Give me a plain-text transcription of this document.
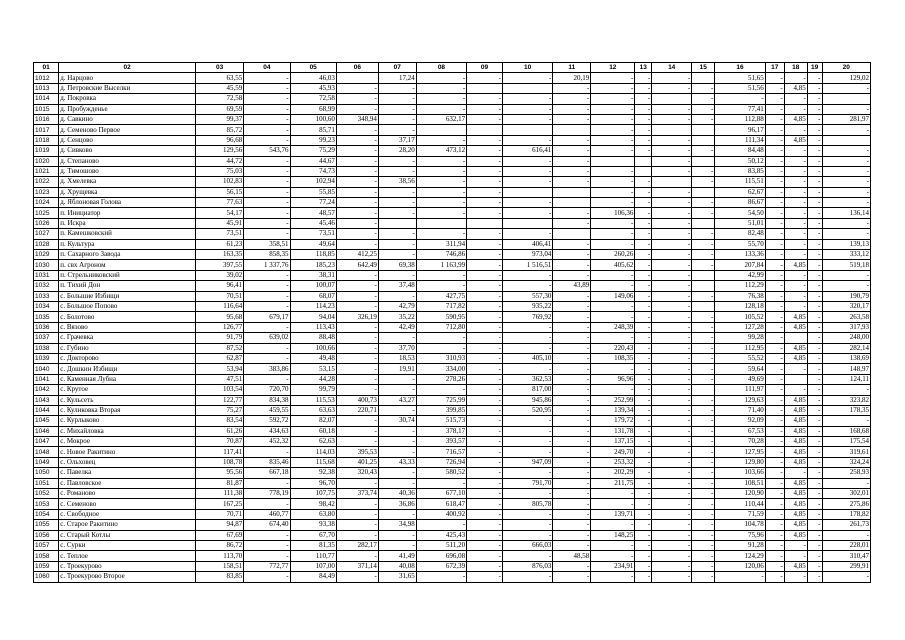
01	02	03	04	05	06	07	08	09	10	11	12	13	14	15	16	17	18	19	20
1012	д. Нарцово	63,55	-	46,03		17,24	-	-	-	20,19	-	-	-		51,65	-	-	-	129,02
1013	д. Петровские Выселки	45,59	-	45,93	-	-	-			-	-	-	-	-	51,56	-	4,85	-	-
1014	д. Покровка	72,58	-	72,58	-	-	-	-	-	-	-	-		-	-	-	-	-	
1015	д. Пробужденье	69,59	-	68,99	-	-	-	-	-	-	-	-	-	-	77,41	-	-	-	-
1016	д. Савкино	99,37	-	100,60	348,94	-	632,17	-	-	-	-	-	-	-	112,88	-	4,85	-	281,97
1017	д. Семеново Первое	85,72	-	85,71	-	-					-	-			96,17	-	-	-	-
1018	д. Сенцово	96,68	-	99,23	-	37,17	-	-	-	-	-	-	-		111,34	-	4,85	-	
1019	д. Сивково	129,56	543,76	75,29	-	28,20	473,12	-	616,41	-	-	-	-	-	84,48	-	-	-	-
1020	д. Степаново	44,72	-	44,67	-	-	-	-	-	-			-		50,12	-	-	-	-
1021	д. Тимошово	75,03	-	74,73	-	-	-	-	-	-	-		-	-	83,85	-	-	-	-
1022	д. Хмелевка	102,83	-	102,94	-	38,56	-	-	-	-	-	-		-	115,51	-	-	-	-
1023	д. Хрущевка	56,15	-	55,85	-	-	-	-			-	-	-		62,67	-	-	-	-
1024	д. Яблоновая Голова	77,63	-	77,24	-	-	-	-	-		-	-	-	-	86,67	-	-	-	-
1025	п. Инициатор	54,17	-	48,57	-	-	-	-	-	-	106,36	-	-	-	54,50	-	-	-	136,14
1026	п. Искра	45,91	-	45,46	-					-	-	-	-		51,01	-	-	-	-
1027	п. Камешковский	73,51	-	73,51	-	-	-	-	-		-	-	-	-	82,48	-	-	-	-
1028	п. Культура	61,23	358,51	49,64	-	-	311,94	-	406,41	-	-	-	-	-	55,70	-	-	-	139,13
1029	п. Сахарного Завода	163,35	858,35	118,85	412,25	-	746,86	-	973,04	-	260,26	-	-	-	133,36	-	-	-	333,12
1030	п. свх Агроном	397,55	1 337,76	185,23	642,49	69,38	1 163,99	-	1 516,51	-	405,62	-	-	-	207,84	-	4,85	-	519,18
1031	п. Стрельниковский	39,02	-	38,31	-	-	-	-	-	-	-	-	-		42,99	-	-	-	-
1032	п. Тихий Дон	96,41	-	100,07	-	37,48	-	-	-	43,89	-	-	-		112,29	-	-	-	-
1033	с. Большие Избищи	70,51	-	68,07	-	-	427,75	-	557,30	-	149,06	-	-	-	76,38	-	-	-	190,79
1034	с. Большое Попово	116,64	-	114,23	-	42,79	717,82	-	935,22	-	-	-	-		128,18	-	-	-	320,17
1035	с. Болотово	95,68	679,17	94,04	326,19	35,22	590,95	-	769,92	-	-	-	-	-	105,52	-	4,85	-	263,58
1036	с. Вязово	126,77	-	113,43	-	42,49	712,80	-	-	-	248,39	-	-	-	127,28	-	4,85	-	317,93
1037	с. Грачевка	91,79	639,02	88,48	-	-	-	-	-	-	-	-	-	-	99,28	-		-	248,00
1038	с. Губино	87,52	-	100,66	-	37,70	-	-	-	-	220,43	-	-	-	112,95	-	4,85	-	282,14
1039	с. Докторово	62,87	-	49,48	-	18,53	310,93	-	405,10	-	108,35	-	-	-	55,52	-	4,85	-	138,69
1040	с. Дошкин Избищи	53,94	383,86	53,15	-	19,91	334,00	-	-	-	-	-	-	-	59,64	-	-	-	148,97
1041	с. Каменная Лубна	47,51	-	44,28	-	-	278,26	-	362,53	-	96,96	-	-	-	49,69	-		-	124,11
1042	с. Крутое	103,54	720,70	99,79	-	-	-	-	817,00	-	-	-	-		111,97	-	-	-	-
1043	с. Кульсеть	122,77	834,38	115,53	400,73	43,27	725,99	-	945,86	-	252,99	-	-	-	129,63	-	4,85	-	323,82
1044	с. Куликовка Вторая	75,27	459,55	63,63	220,71	-	399,85	-	520,95	-	139,34	-	-	-	71,40	-	4,85	-	178,35
1045	с. Курлыково	83,54	592,72	82,07	-	30,74	515,73	-	-	-	179,72	-	-	-	92,09	-	4,85	-	-
1046	с. Михайловка	61,26	434,63	60,18	-	-	378,17	-	-	-	131,78	-	-	-	67,53	-	4,85	-	168,68
1047	с. Мокрое	70,87	452,32	62,63	-	-	393,57	-	-	-	137,15	-	-	-	70,28	-	4,85	-	175,54
1048	с. Новое Ракитино	117,41	-	114,03	395,53	-	716,57	-	-	-	249,70	-	-	-	127,95	-	4,85	-	319,61
1049	с. Ольховец	108,78	835,46	115,68	401,25	43,33	726,94	-	947,09	-	253,32	-	-	-	129,80	-	4,85	-	324,24
1050	с. Павелка	95,56	667,18	92,38	320,43	-	580,52	-	-	-	202,29	-	-	-	103,66	-	-	-	258,93
1051	с. Павловское	81,87	-	96,70	-	-	-	-	791,70	-	211,75	-	-	-	108,51	-	4,85	-	-
1052	с. Романово	111,38	778,19	107,75	373,74	40,36	677,10	-	-	-	-	-	-	-	120,90	-	4,85	-	302,01
1053	с. Семеново	167,25	-	98,42	-	36,86	618,47	-	805,78	-	-	-	-	-	110,44	-	4,85	-	275,86
1054	с. Свободное	70,71	460,77	63,80	-	-	400,92	-	-	-	139,71	-	-	-	71,59	-	4,85	-	178,82
1055	с. Старое Ракитино	94,87	674,40	93,38	-	34,98	-	-	-	-	-	-	-	-	104,78	-	4,85	-	261,73
1056	с. Старый Котлы	67,69	-	67,70	-	-	425,43	-	-	-	148,25	-	-	-	75,96	-	4,85	-	-
1057	с. Сурки	86,72	-	81,35	282,17	-	511,20	-	666,03	-	-	-	-	-	91,28	-	-	-	228,01
1058	с. Теплое	113,70	-	110,77	-	41,49	696,08	-	-	48,58	-	-	-	-	124,29	-	-	-	310,47
1059	с. Троекурово	158,51	772,77	107,00	371,14	40,08	672,39	-	876,03	-	234,91	-	-	-	120,06	-	4,85	-	299,91
1060	с. Троекурово Второе	83,85	-	84,49	-	31,65	-	-	-	-	-	-	-	-	-	-	-	-	-
